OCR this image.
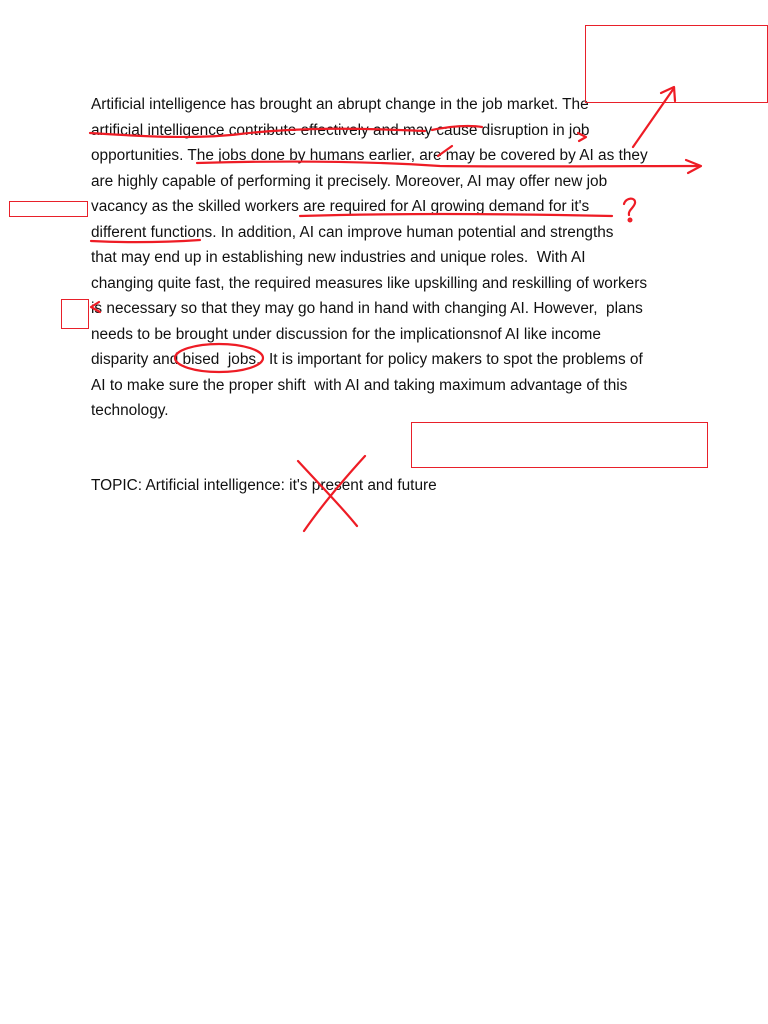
Artificial intelligence has brought an abrupt change in the job market. The
artificial intelligence contribute effectively and may cause disruption in job
opportunities. The jobs done by humans earlier, are may be covered by AI as they
are highly capable of performing it precisely. Moreover, AI may offer new job
vacancy as the skilled workers are required for AI growing demand for it's
different functions. In addition, AI can improve human potential and strengths
that may end up in establishing new industries and unique roles.  With AI
changing quite fast, the required measures like upskilling and reskilling of workers
is necessary so that they may go hand in hand with changing AI. However,  plans
needs to be brought under discussion for the implicationsnof AI like income
disparity and bised  jobs.  It is important for policy makers to spot the problems of
AI to make sure the proper shift  with AI and taking maximum advantage of this
technology.

TOPIC: Artificial intelligence: it's present and future
